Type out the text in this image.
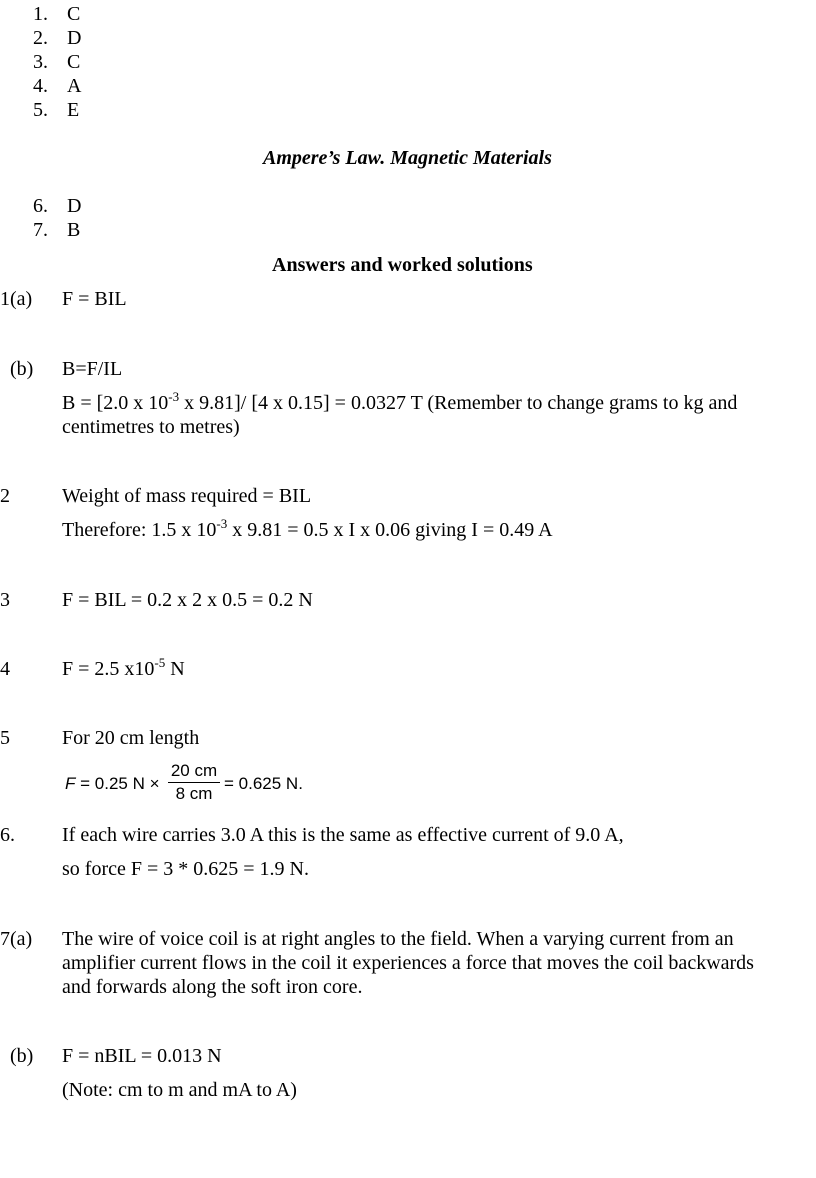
1. C
2. D
3. C
4. A
5. E
Ampere’s Law. Magnetic Materials
6. D
7. B
Answers and worked solutions
1(a) F = BIL
(b) B=F/IL
B = [2.0 x $10^{-3}$ x 9.81]/ [4 x 0.15] = 0.0327 T (Remember to change grams to kg and
centimetres to metres)
2	Weight of mass required = BIL
Therefore: 1.5 x $10^{-3}$ x 9.81 = 0.5 x I x 0.06 giving I = 0.49 A
3	F = BIL = 0.2 x 2 x 0.5 = 0.2 N
4	F = 2.5 $x10^{-5}$ N
5	For 20 cm length
F = 0.25 N ×
20 cm
8 cm
= 0.625 N.
6. If each wire carries 3.0 A this is the same as effective current of 9.0 A,
so force F = 3 * 0.625 = 1.9 N.
7(a) The wire of voice coil is at right angles to the field. When a varying current from an
amplifier current flows in the coil it experiences a force that moves the coil backwards
and forwards along the soft iron core.
(b) F = nBIL = 0.013 N
(Note: cm to m and mA to A)
